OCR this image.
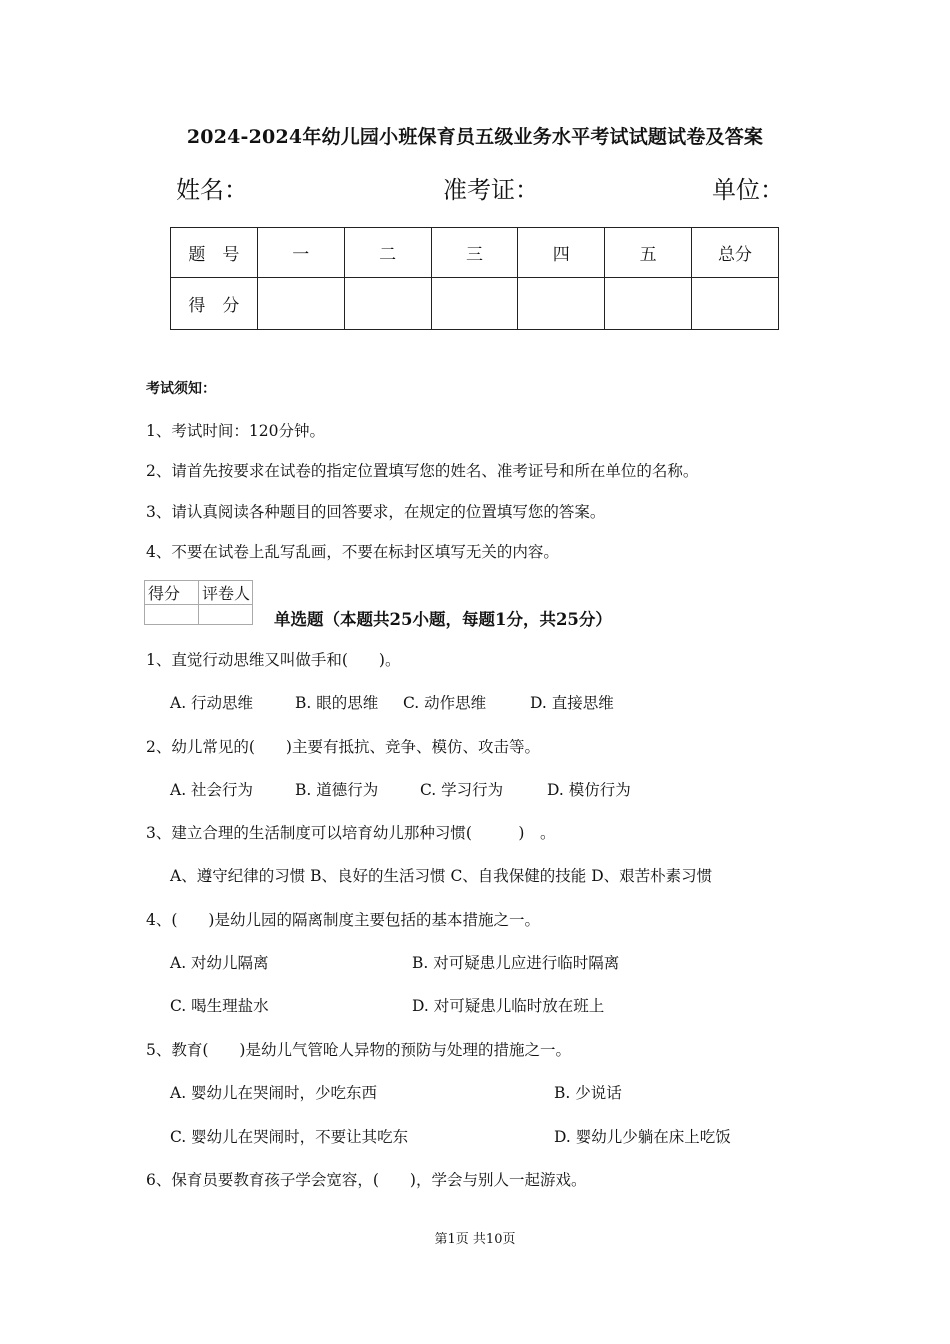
2024-2024年幼儿园小班保育员五级业务水平考试试题试卷及答案
姓名：	准考证：	单位：
题　号	一	二	三	四	五	总分
得　分						
考试须知：
1、考试时间：120分钟。
2、请首先按要求在试卷的指定位置填写您的姓名、准考证号和所在单位的名称。
3、请认真阅读各种题目的回答要求，在规定的位置填写您的答案。
4、不要在试卷上乱写乱画，不要在标封区填写无关的内容。
得分	评卷人

单选题（本题共25小题，每题1分，共25分）
1、直觉行动思维又叫做手和(　　)。
A. 行动思维	B. 眼的思维 C. 动作思维	D. 直接思维
2、幼儿常见的(　　)主要有抵抗、竞争、模仿、攻击等。
A. 社会行为	B. 道德行为	C. 学习行为	D. 模仿行为
3、建立合理的生活制度可以培育幼儿那种习惯(　　　)　。
A、遵守纪律的习惯 B、良好的生活习惯 C、自我保健的技能 D、艰苦朴素习惯
4、(　　)是幼儿园的隔离制度主要包括的基本措施之一。
A. 对幼儿隔离	B. 对可疑患儿应进行临时隔离
C. 喝生理盐水	D. 对可疑患儿临时放在班上
5、教育(　　)是幼儿气管呛人异物的预防与处理的措施之一。
A. 婴幼儿在哭闹时，少吃东西	B. 少说话
C. 婴幼儿在哭闹时，不要让其吃东	D. 婴幼儿少躺在床上吃饭
6、保育员要教育孩子学会宽容，(　　)，学会与别人一起游戏。
第1页 共10页
